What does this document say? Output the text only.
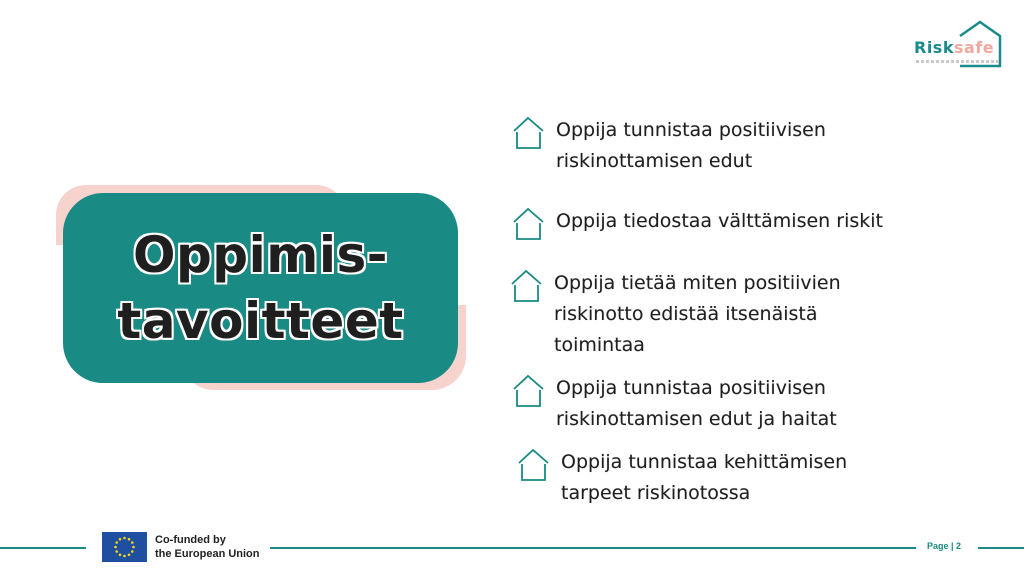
Risksafe
Oppimis-
tavoitteet
Oppija tunnistaa positiivisen
riskinottamisen edut
Oppija tiedostaa välttämisen riskit
Oppija tietää miten positiivien
riskinotto edistää itsenäistä
toimintaa
Oppija tunnistaa positiivisen
riskinottamisen edut ja haitat
Oppija tunnistaa kehittämisen
tarpeet riskinotossa
Co-funded by
the European Union
Page | 2
